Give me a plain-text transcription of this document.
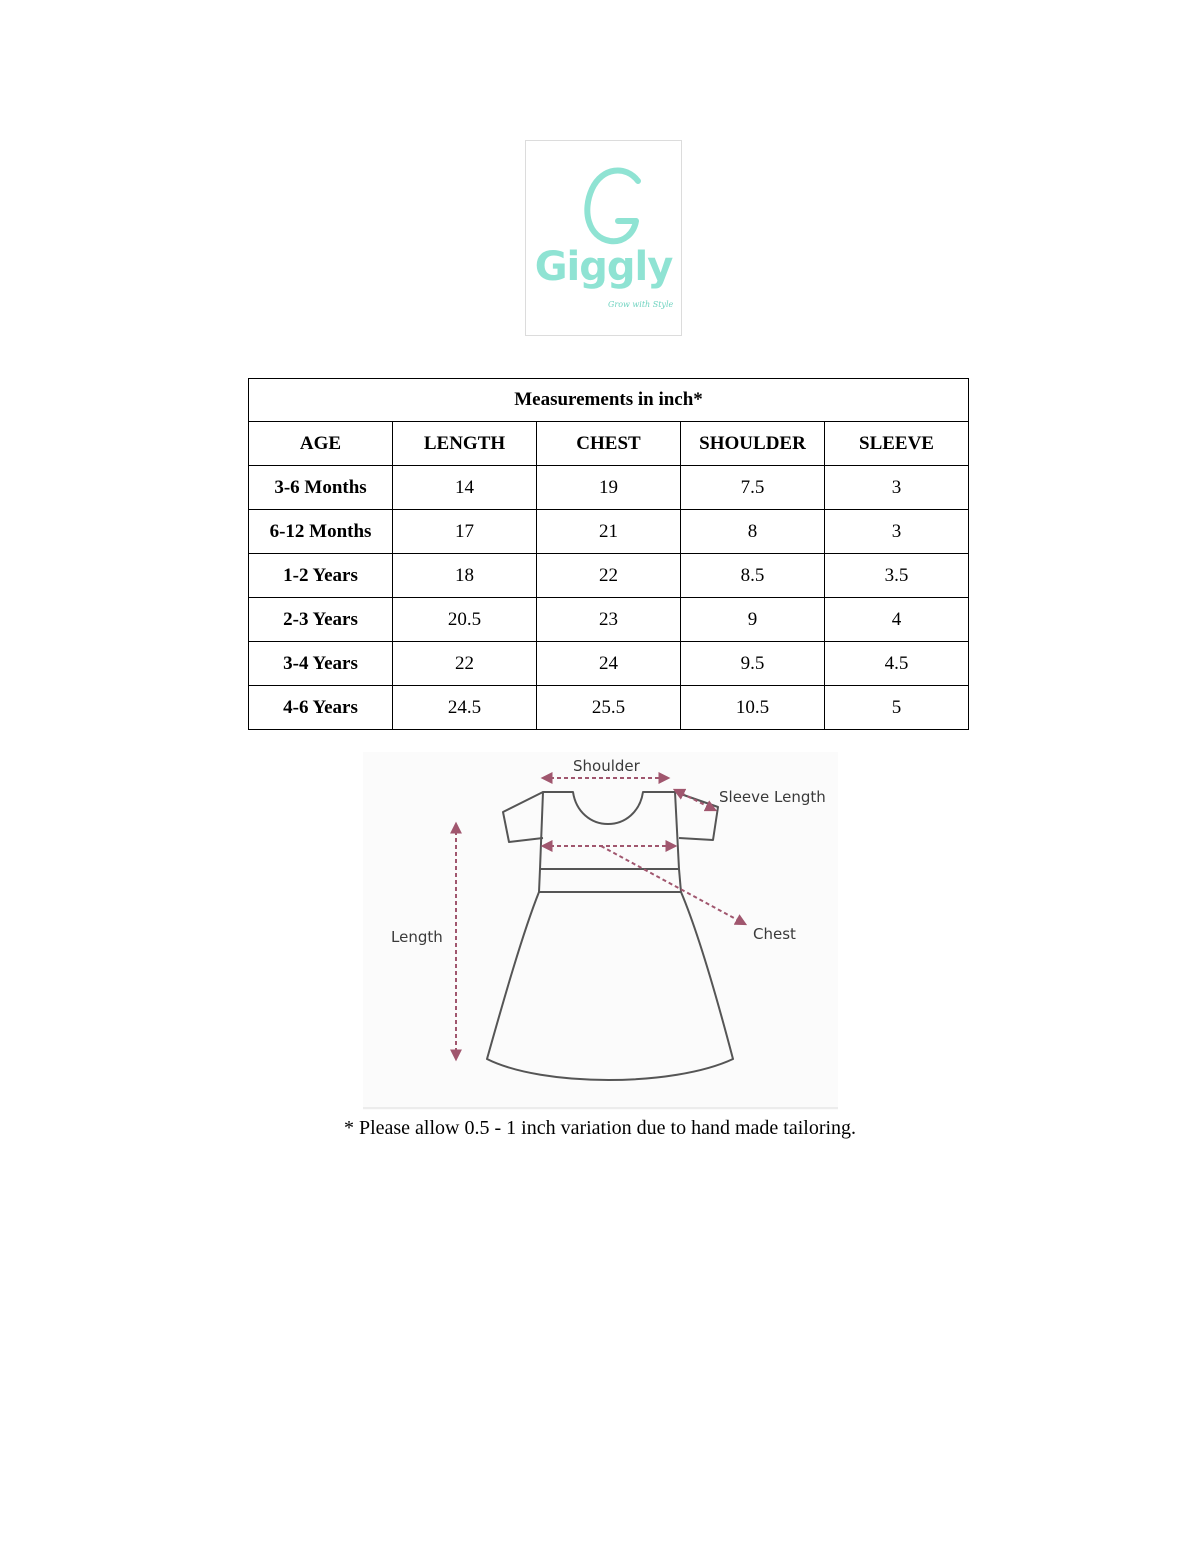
Giggly
Grow with Style
Measurements in inch*				
AGE	LENGTH	CHEST	SHOULDER	SLEEVE
3-6 Months	14	19	7.5	3
6-12 Months	17	21	8	3
1-2 Years	18	22	8.5	3.5
2-3 Years	20.5	23	9	4
3-4 Years	22	24	9.5	4.5
4-6 Years	24.5	25.5	10.5	5
Shoulder
Sleeve Length
Length	Chest
* Please allow 0.5 - 1 inch variation due to hand made tailoring.
